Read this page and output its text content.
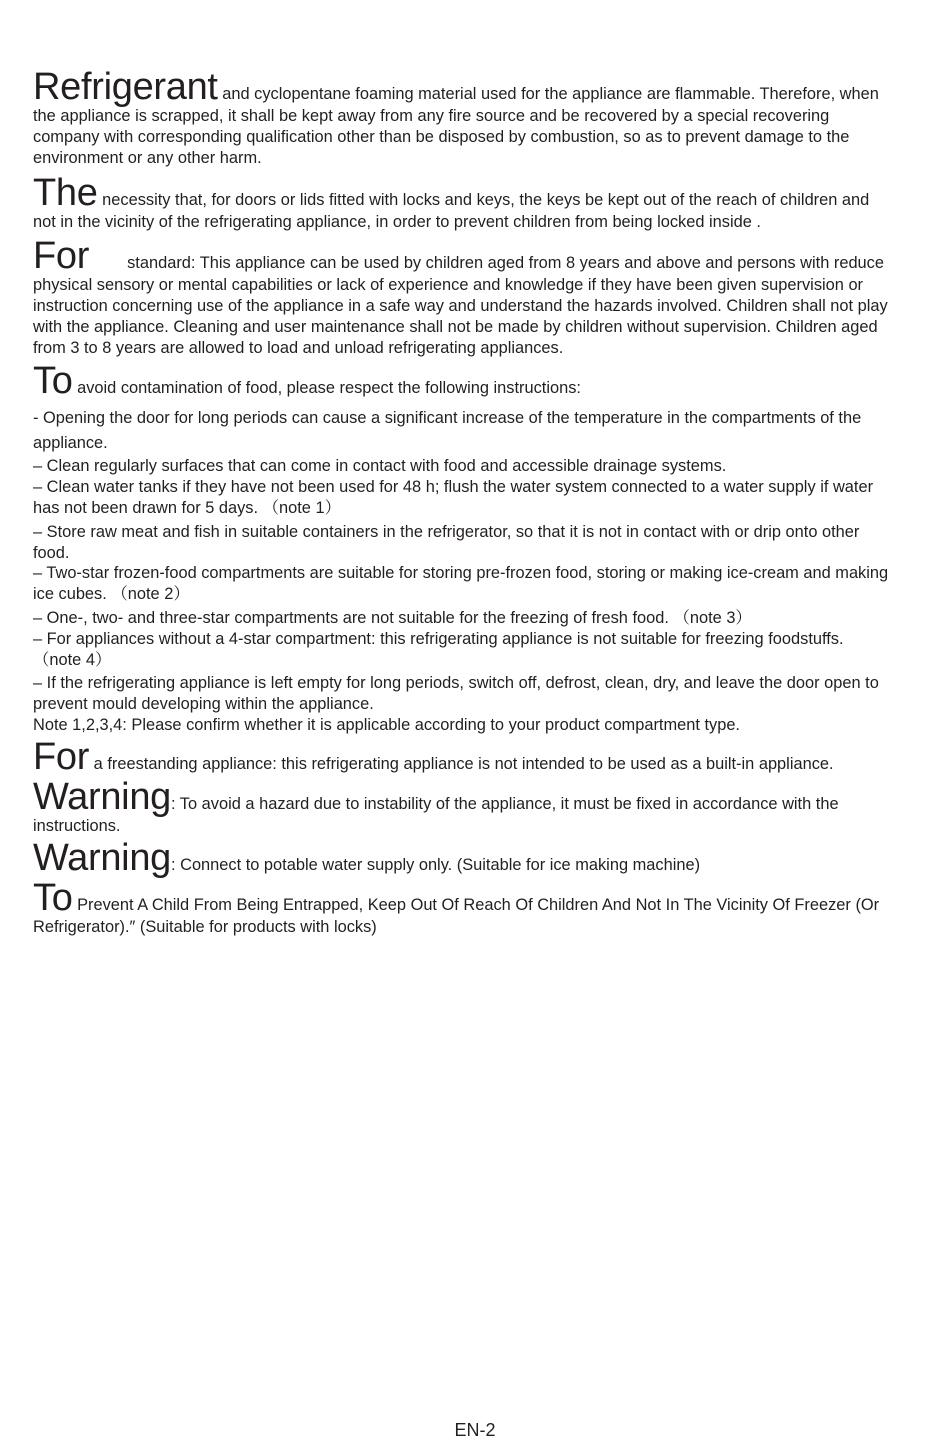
Refrigerant and cyclopentane foaming material used for the appliance are flammable. Therefore, when the appliance is scrapped, it shall be kept away from any fire source and be recovered by a special recovering company with corresponding qualification other than be disposed by combustion, so as to prevent damage to the environment or any other harm.

The necessity that, for doors or lids fitted with locks and keys, the keys be kept out of the reach of children and not in the vicinity of the refrigerating appliance, in order to prevent children from being locked inside .

For standard: This appliance can be used by children aged from 8 years and above and persons with reduce physical sensory or mental capabilities or lack of experience and knowledge if they have been given supervision or instruction concerning use of the appliance in a safe way and understand the hazards involved. Children shall not play with the appliance. Cleaning and user maintenance shall not be made by children without supervision. Children aged from 3 to 8 years are allowed to load and unload refrigerating appliances.

To avoid contamination of food, please respect the following instructions:

- Opening the door for long periods can cause a significant increase of the temperature in the compartments of the appliance.

– Clean regularly surfaces that can come in contact with food and accessible drainage systems.

– Clean water tanks if they have not been used for 48 h; flush the water system connected to a water supply if water has not been drawn for 5 days. （note 1）

– Store raw meat and fish in suitable containers in the refrigerator, so that it is not in contact with or drip onto other food.

– Two-star frozen-food compartments are suitable for storing pre-frozen food, storing or making ice-cream and making ice cubes. （note 2）

– One-, two- and three-star compartments are not suitable for the freezing of fresh food. （note 3）

– For appliances without a 4-star compartment: this refrigerating appliance is not suitable for freezing foodstuffs. （note 4）

– If the refrigerating appliance is left empty for long periods, switch off, defrost, clean, dry, and leave the door open to prevent mould developing within the appliance.

Note 1,2,3,4: Please confirm whether it is applicable according to your product compartment type.

For a freestanding appliance: this refrigerating appliance is not intended to be used as a built-in appliance.

Warning: To avoid a hazard due to instability of the appliance, it must be fixed in accordance with the instructions.

Warning: Connect to potable water supply only. (Suitable for ice making machine)

To Prevent A Child From Being Entrapped, Keep Out Of Reach Of Children And Not In The Vicinity Of Freezer (Or Refrigerator).″ (Suitable for products with locks)

EN-2
